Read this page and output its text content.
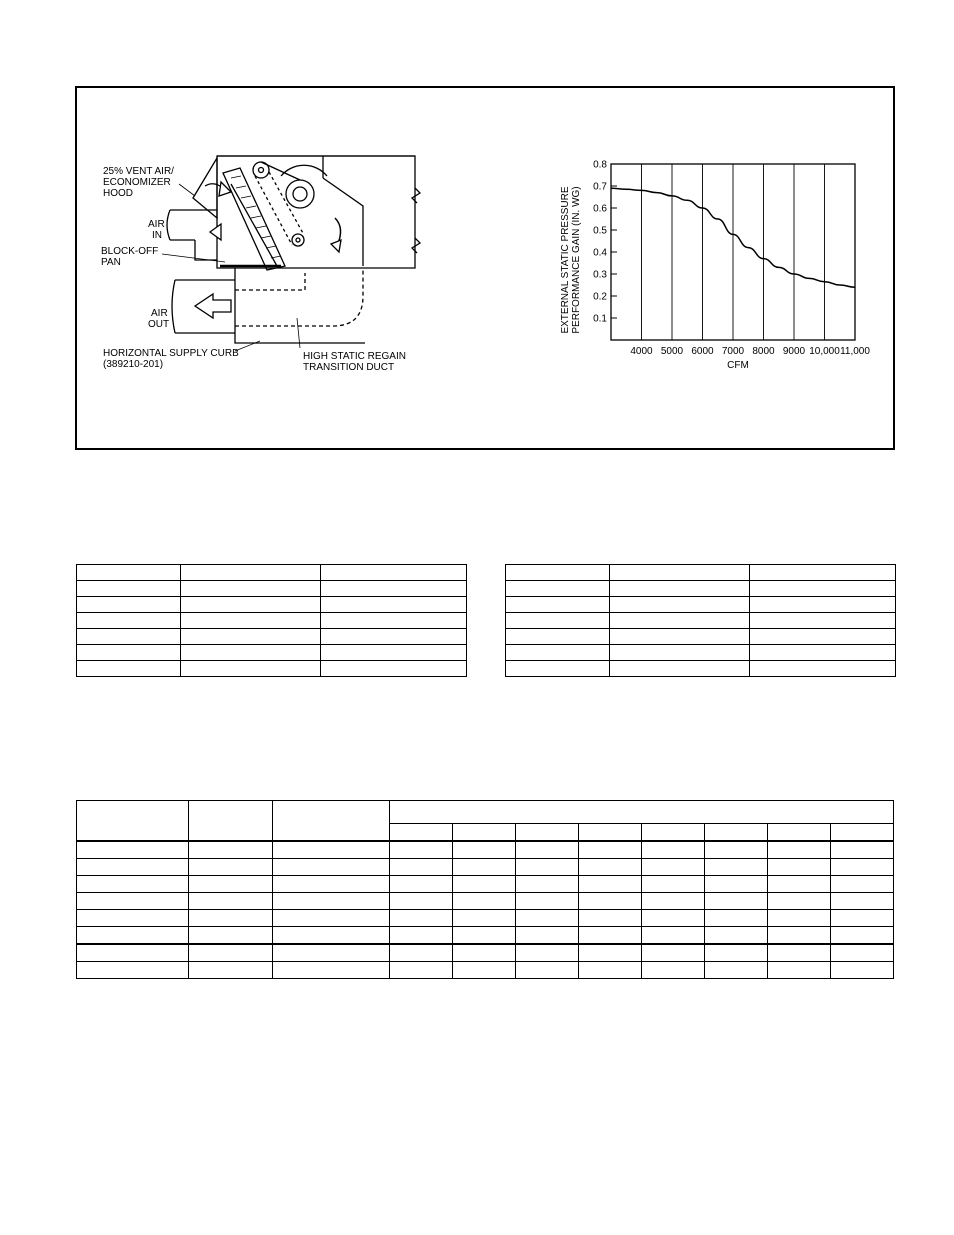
25% VENT AIR/
ECONOMIZER
HOOD
AIR
IN
BLOCK-OFF
PAN
AIR
OUT
HORIZONTAL SUPPLY CURB
(389210-201)
HIGH STATIC REGAIN
TRANSITION DUCT
0.1
0.2
0.3
0.4
0.5
0.6
0.7
0.8
4000 5000 6000 7000 8000 9000 10,000 11,000
CFM
EXTERNAL STATIC PRESSURE PERFORMANCE GAIN (IN. WG)
